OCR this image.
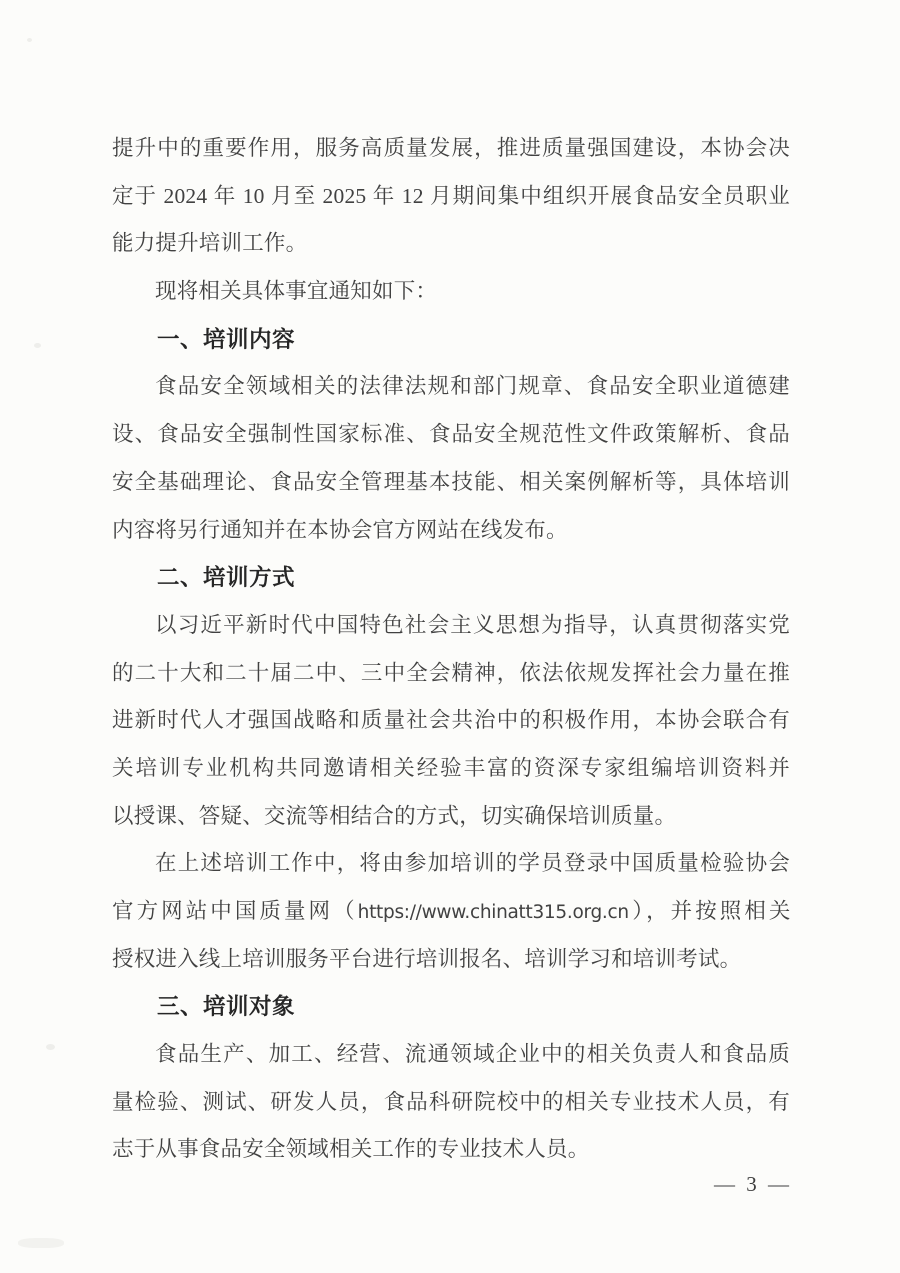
提升中的重要作用，服务高质量发展，推进质量强国建设，本协会决
定于 2024 年 10 月至 2025 年 12 月期间集中组织开展食品安全员职业
能力提升培训工作。
现将相关具体事宜通知如下：
一、培训内容
食品安全领域相关的法律法规和部门规章、食品安全职业道德建
设、食品安全强制性国家标准、食品安全规范性文件政策解析、食品
安全基础理论、食品安全管理基本技能、相关案例解析等，具体培训
内容将另行通知并在本协会官方网站在线发布。
二、培训方式
以习近平新时代中国特色社会主义思想为指导，认真贯彻落实党
的二十大和二十届二中、三中全会精神，依法依规发挥社会力量在推
进新时代人才强国战略和质量社会共治中的积极作用，本协会联合有
关培训专业机构共同邀请相关经验丰富的资深专家组编培训资料并
以授课、答疑、交流等相结合的方式，切实确保培训质量。
在上述培训工作中，将由参加培训的学员登录中国质量检验协会
官方网站中国质量网（https://www.chinatt315.org.cn），并按照相关
授权进入线上培训服务平台进行培训报名、培训学习和培训考试。
三、培训对象
食品生产、加工、经营、流通领域企业中的相关负责人和食品质
量检验、测试、研发人员，食品科研院校中的相关专业技术人员，有
志于从事食品安全领域相关工作的专业技术人员。
— 3 —
